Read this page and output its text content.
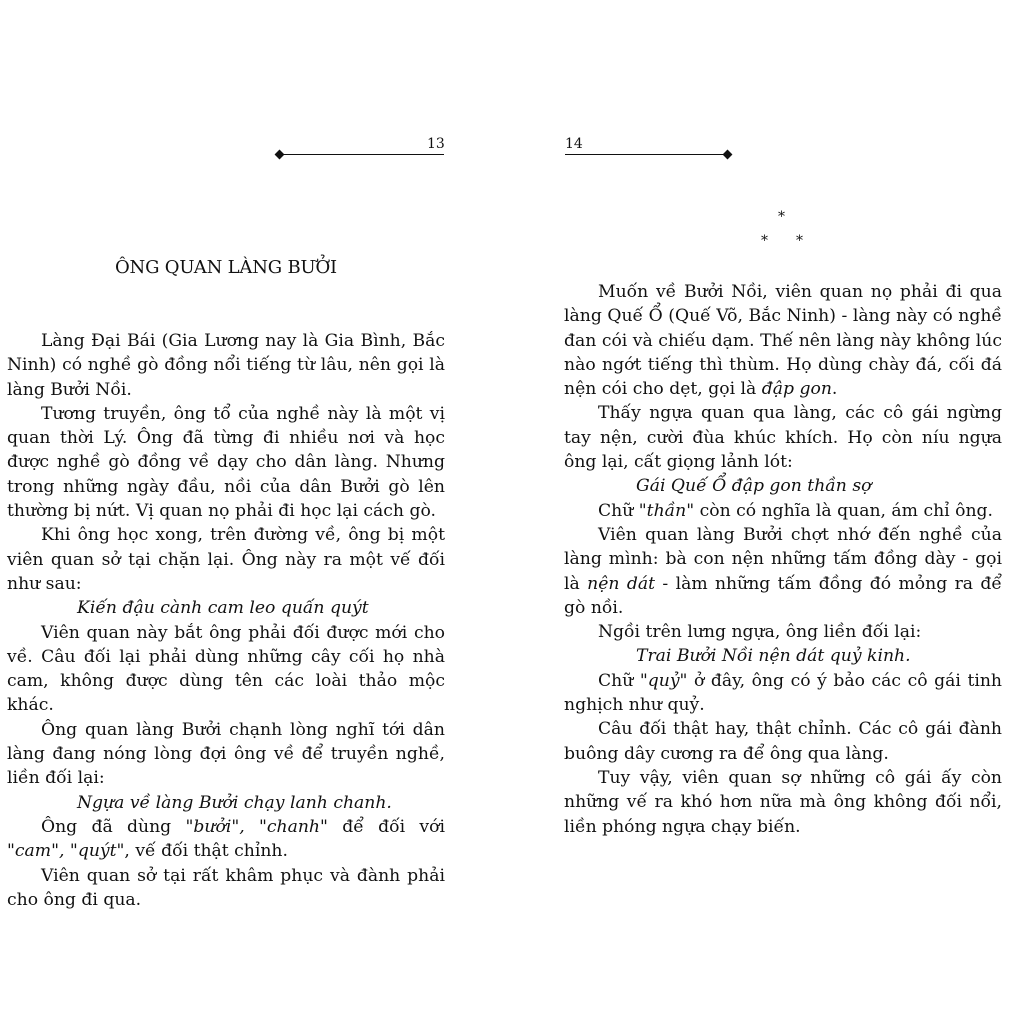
13
ÔNG QUAN LÀNG BƯỞI

Làng Đại Bái (Gia Lương nay là Gia Bình, Bắc Ninh) có nghề gò đồng nổi tiếng từ lâu, nên gọi là làng Bưởi Nồi.

Tương truyền, ông tổ của nghề này là một vị quan thời Lý. Ông đã từng đi nhiều nơi và học được nghề gò đồng về dạy cho dân làng. Nhưng trong những ngày đầu, nồi của dân Bưởi gò lên thường bị nứt. Vị quan nọ phải đi học lại cách gò.

Khi ông học xong, trên đường về, ông bị một viên quan sở tại chặn lại. Ông này ra một vế đối như sau:

Kiến đậu cành cam leo quấn quýt

Viên quan này bắt ông phải đối được mới cho về. Câu đối lại phải dùng những cây cối họ nhà cam, không được dùng tên các loài thảo mộc khác.

Ông quan làng Bưởi chạnh lòng nghĩ tới dân làng đang nóng lòng đợi ông về để truyền nghề, liền đối lại:

Ngựa về làng Bưởi chạy lanh chanh.

Ông đã dùng "bưởi", "chanh" để đối với "cam", "quýt", vế đối thật chỉnh.

Viên quan sở tại rất khâm phục và đành phải cho ông đi qua.

14
*
* *

Muốn về Bưởi Nồi, viên quan nọ phải đi qua làng Quế Ổ (Quế Võ, Bắc Ninh) - làng này có nghề đan cói và chiếu dạm. Thế nên làng này không lúc nào ngớt tiếng thì thùm. Họ dùng chày đá, cối đá nện cói cho dẹt, gọi là đập gon.

Thấy ngựa quan qua làng, các cô gái ngừng tay nện, cười đùa khúc khích. Họ còn níu ngựa ông lại, cất giọng lảnh lót:

Gái Quế Ổ đập gon thần sợ

Chữ "thần" còn có nghĩa là quan, ám chỉ ông.

Viên quan làng Bưởi chợt nhớ đến nghề của làng mình: bà con nện những tấm đồng dày - gọi là nện dát - làm những tấm đồng đó mỏng ra để gò nồi.

Ngồi trên lưng ngựa, ông liền đối lại:

Trai Bưởi Nồi nện dát quỷ kinh.

Chữ "quỷ" ở đây, ông có ý bảo các cô gái tinh nghịch như quỷ.

Câu đối thật hay, thật chỉnh. Các cô gái đành buông dây cương ra để ông qua làng.

Tuy vậy, viên quan sợ những cô gái ấy còn những vế ra khó hơn nữa mà ông không đối nổi, liền phóng ngựa chạy biến.
